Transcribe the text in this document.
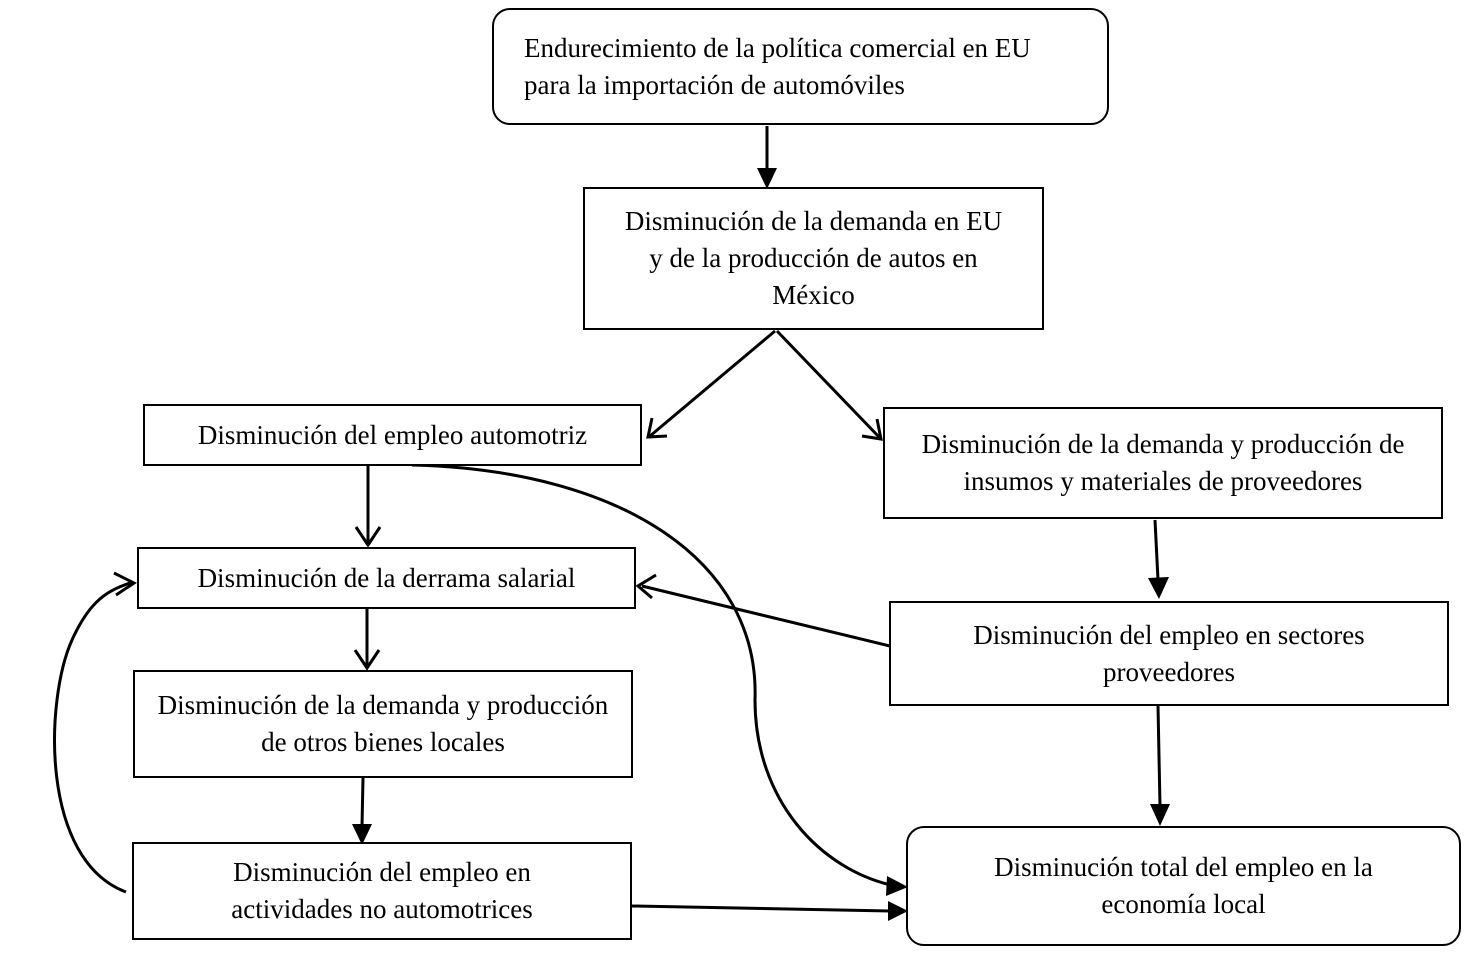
Endurecimiento de la política comercial en EU para la importación de automóviles
Disminución de la demanda en EU y de la producción de autos en México
Disminución del empleo automotriz	Disminución de la demanda y producción de insumos y materiales de proveedores
Disminución de la derrama salarial
Disminución del empleo en sectores proveedores
Disminución de la demanda y producción de otros bienes locales
Disminución del empleo en actividades no automotrices
Disminución total del empleo en la economía local
